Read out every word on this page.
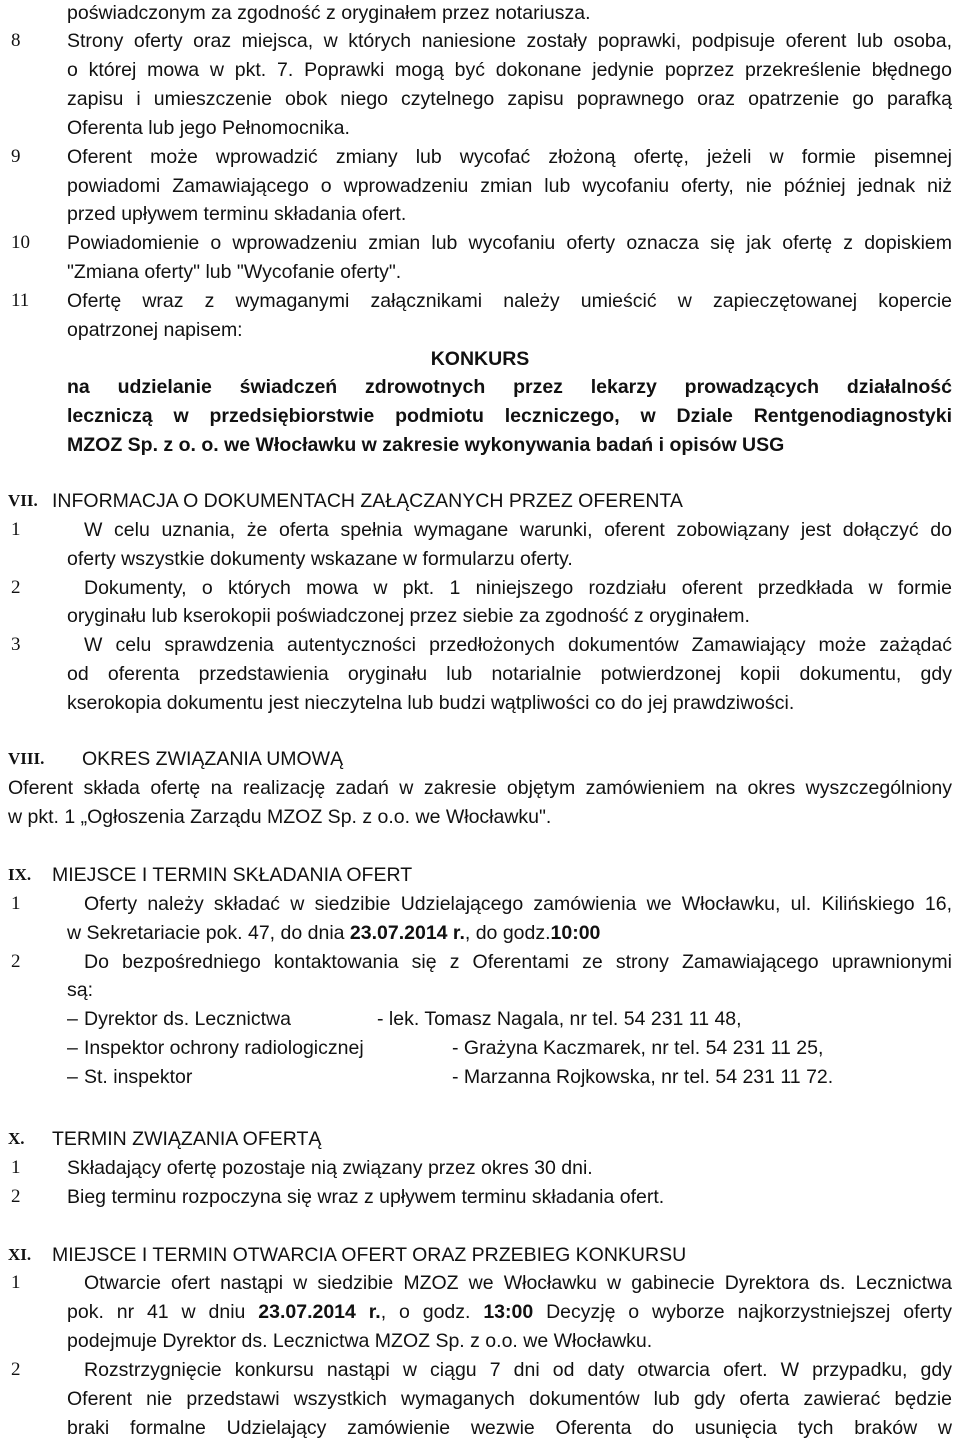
poświadczonym za zgodność z oryginałem przez notariusza.
8	Strony oferty oraz miejsca, w których naniesione zostały poprawki, podpisuje oferent lub osoba,
o której mowa w pkt. 7. Poprawki mogą być dokonane jedynie poprzez przekreślenie błędnego
zapisu i umieszczenie obok niego czytelnego zapisu poprawnego oraz opatrzenie go parafką
Oferenta lub jego Pełnomocnika.
9	Oferent może wprowadzić zmiany lub wycofać złożoną ofertę, jeżeli w formie pisemnej
powiadomi Zamawiającego o wprowadzeniu zmian lub wycofaniu oferty, nie później jednak niż
przed upływem terminu składania ofert.
10	Powiadomienie o wprowadzeniu zmian lub wycofaniu oferty oznacza się jak ofertę z dopiskiem
"Zmiana oferty" lub "Wycofanie oferty".
11	Ofertę wraz z wymaganymi załącznikami należy umieścić w zapieczętowanej kopercie
opatrzonej napisem:
KONKURS
na udzielanie świadczeń zdrowotnych przez lekarzy prowadzących działalność
leczniczą w przedsiębiorstwie podmiotu leczniczego, w Dziale Rentgenodiagnostyki
MZOZ Sp. z o. o. we Włocławku w zakresie wykonywania badań i opisów USG
VII. INFORMACJA O DOKUMENTACH ZAŁĄCZANYCH PRZEZ OFERENTA
1	W celu uznania, że oferta spełnia wymagane warunki, oferent zobowiązany jest dołączyć do
oferty wszystkie dokumenty wskazane w formularzu oferty.
2	Dokumenty, o których mowa w pkt. 1 niniejszego rozdziału oferent przedkłada w formie
oryginału lub kserokopii poświadczonej przez siebie za zgodność z oryginałem.
3	W celu sprawdzenia autentyczności przedłożonych dokumentów Zamawiający może zażądać
od oferenta przedstawienia oryginału lub notarialnie potwierdzonej kopii dokumentu, gdy
kserokopia dokumentu jest nieczytelna lub budzi wątpliwości co do jej prawdziwości.
VIII. OKRES ZWIĄZANIA UMOWĄ
Oferent składa ofertę na realizację zadań w zakresie objętym zamówieniem na okres wyszczególniony
w pkt. 1 „Ogłoszenia Zarządu MZOZ Sp. z o.o. we Włocławku".
IX. MIEJSCE I TERMIN SKŁADANIA OFERT
1	Oferty należy składać w siedzibie Udzielającego zamówienia we Włocławku, ul. Kilińskiego 16,
w Sekretariacie pok. 47, do dnia 23.07.2014 r., do godz.10:00
2	Do bezpośredniego kontaktowania się z Oferentami ze strony Zamawiającego uprawnionymi
są:
– Dyrektor ds. Lecznictwa	- lek. Tomasz Nagala, nr tel. 54 231 11 48,
– Inspektor ochrony radiologicznej	- Grażyna Kaczmarek, nr tel. 54 231 11 25,
– St. inspektor	- Marzanna Rojkowska, nr tel. 54 231 11 72.
X. TERMIN ZWIĄZANIA OFERTĄ
1	Składający ofertę pozostaje nią związany przez okres 30 dni.
2	Bieg terminu rozpoczyna się wraz z upływem terminu składania ofert.
XI. MIEJSCE I TERMIN OTWARCIA OFERT ORAZ PRZEBIEG KONKURSU
1	Otwarcie ofert nastąpi w siedzibie MZOZ we Włocławku w gabinecie Dyrektora ds. Lecznictwa
pok. nr 41 w dniu 23.07.2014 r., o godz. 13:00 Decyzję o wyborze najkorzystniejszej oferty
podejmuje Dyrektor ds. Lecznictwa MZOZ Sp. z o.o. we Włocławku.
2	Rozstrzygnięcie konkursu nastąpi w ciągu 7 dni od daty otwarcia ofert. W przypadku, gdy
Oferent nie przedstawi wszystkich wymaganych dokumentów lub gdy oferta zawierać będzie
braki formalne Udzielający zamówienie wezwie Oferenta do usunięcia tych braków w
